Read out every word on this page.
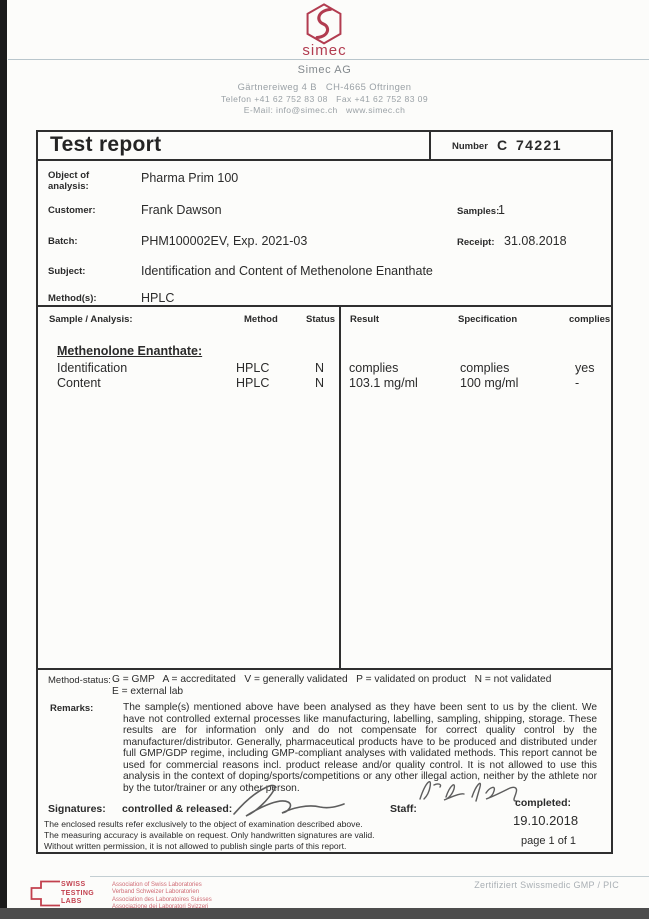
simec
Simec AG
Gärtnereiweg 4 B   CH-4665 Oftringen
Telefon +41 62 752 83 08   Fax +41 62 752 83 09
E-Mail: info@simec.ch   www.simec.ch
Test report	Number C 74221
Object of analysis:
Pharma Prim 100
Customer:	Frank Dawson	Samples:
1
Batch:	PHM100002EV, Exp. 2021-03	Receipt: 31.08.2018
Subject:	Identification and Content of Methenolone Enanthate
Method(s):	HPLC
Sample / Analysis:	Method	Status Result	Specification	complies
Methenolone Enanthate:
Identification	HPLC	N complies	complies	yes
Content	HPLC	N 103.1 mg/ml	100 mg/ml	-
Method-status: G = GMP   A = accreditated   V = generally validated   P = validated on product   N = not validated
E = external lab
Remarks:	The sample(s) mentioned above have been analysed as they have been sent to us by the client. We have not controlled external processes like manufacturing, labelling, sampling, shipping, storage. These results are for information only and do not compensate for correct quality control by the manufacturer/distributor. Generally, pharmaceutical products have to be produced and distributed under full GMP/GDP regime, including GMP-compliant analyses with validated methods. This report cannot be used for commercial reasons incl. product release and/or quality control. It is not allowed to use this analysis in the context of doping/sports/competitions or any other illegal action, neither by the athlete nor by the tutor/trainer or any other person.
Signatures: controlled & released:	Staff:	completed:
19.10.2018
page 1 of 1
The enclosed results refer exclusively to the object of examination described above.
The measuring accuracy is available on request. Only handwritten signatures are valid.
Without written permission, it is not allowed to publish single parts of this report.
SWISS
TESTING
LABS
Association of Swiss Laboratories
Verband Schweizer Laboratorien
Association des Laboratoires Suisses
Associazione dei Laboratori Svizzeri
Zertifiziert Swissmedic GMP / PIC
